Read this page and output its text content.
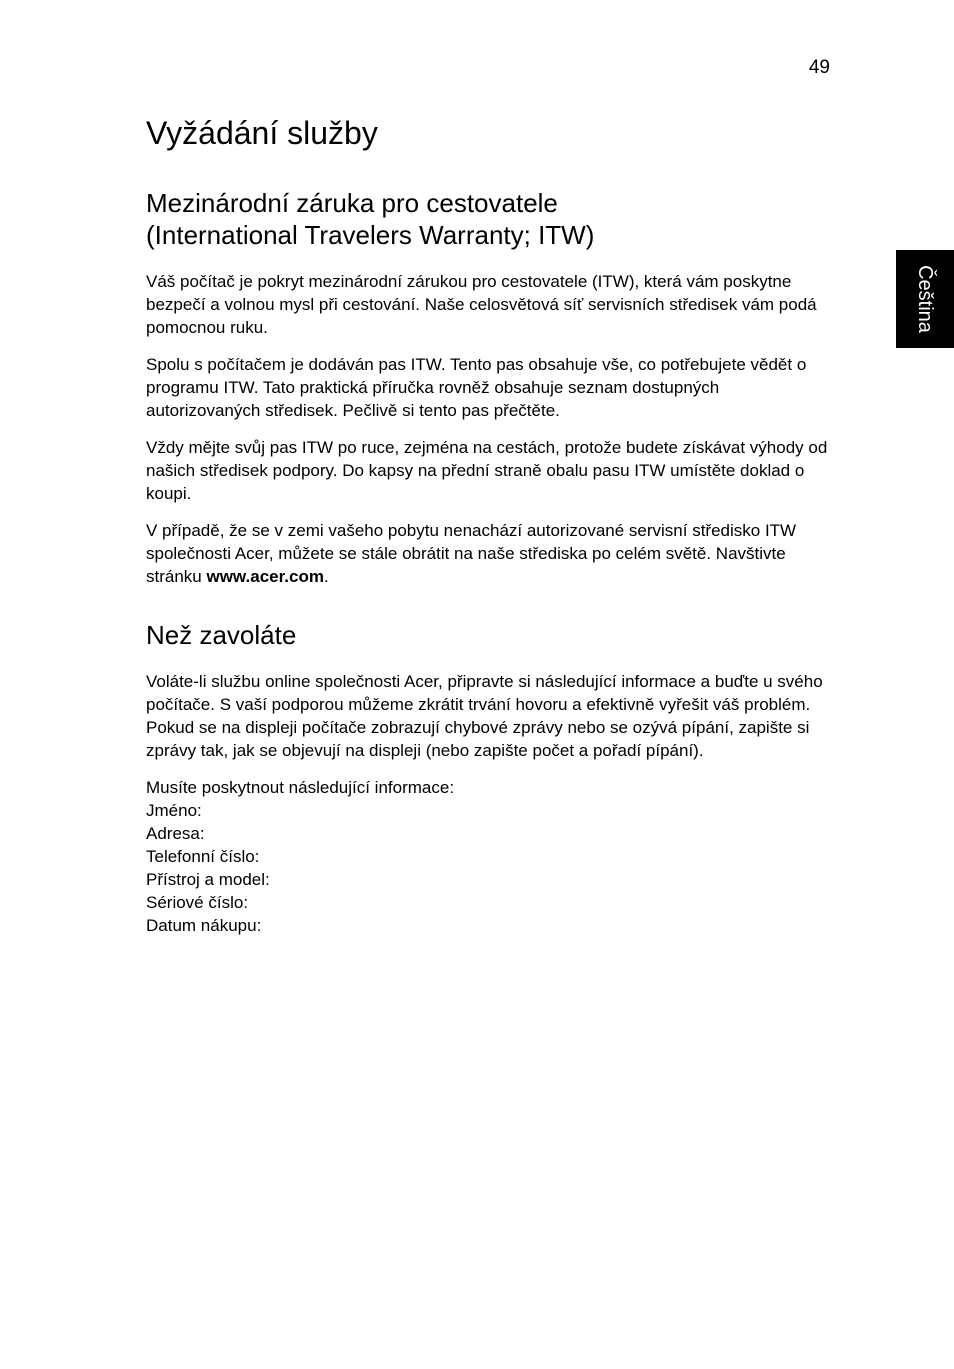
49
Čeština
Vyžádání služby
Mezinárodní záruka pro cestovatele
(International Travelers Warranty; ITW)

Váš počítač je pokryt mezinárodní zárukou pro cestovatele (ITW), která vám poskytne bezpečí a volnou mysl při cestování. Naše celosvětová síť servisních středisek vám podá pomocnou ruku.

Spolu s počítačem je dodáván pas ITW. Tento pas obsahuje vše, co potřebujete vědět o programu ITW. Tato praktická příručka rovněž obsahuje seznam dostupných autorizovaných středisek. Pečlivě si tento pas přečtěte.

Vždy mějte svůj pas ITW po ruce, zejména na cestách, protože budete získávat výhody od našich středisek podpory. Do kapsy na přední straně obalu pasu ITW umístěte doklad o koupi.

V případě, že se v zemi vašeho pobytu nenachází autorizované servisní středisko ITW společnosti Acer, můžete se stále obrátit na naše střediska po celém světě. Navštivte stránku www.acer.com.

Než zavoláte

Voláte-li službu online společnosti Acer, připravte si následující informace a buďte u svého počítače. S vaší podporou můžeme zkrátit trvání hovoru a efektivně vyřešit váš problém. Pokud se na displeji počítače zobrazují chybové zprávy nebo se ozývá pípání, zapište si zprávy tak, jak se objevují na displeji (nebo zapište počet a pořadí pípání).

Musíte poskytnout následující informace:
Jméno:
Adresa:
Telefonní číslo:
Přístroj a model:
Sériové číslo:
Datum nákupu:
